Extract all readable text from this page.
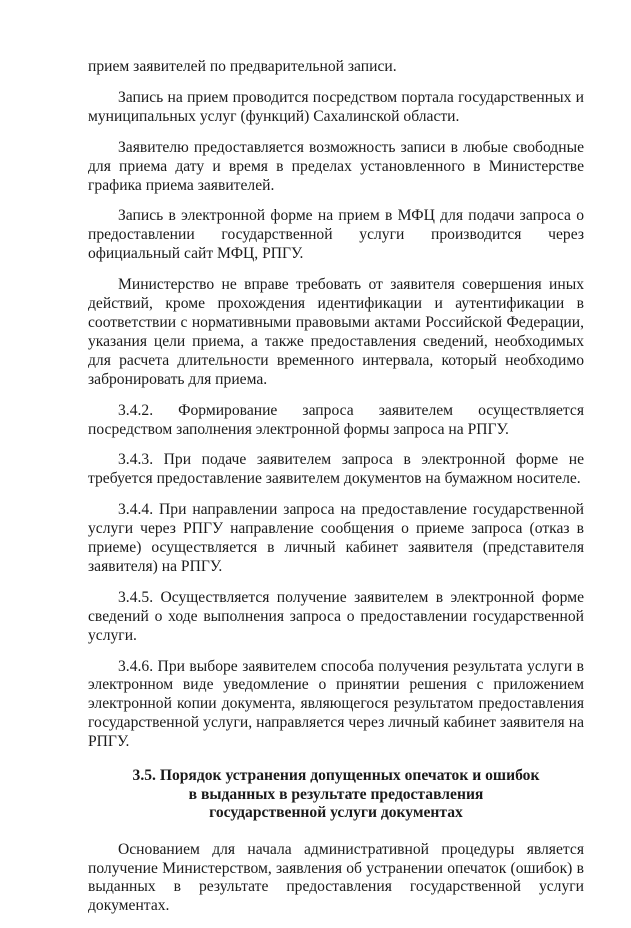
прием заявителей по предварительной записи.

Запись на прием проводится посредством портала государственных и муниципальных услуг (функций) Сахалинской области.

Заявителю предоставляется возможность записи в любые свободные для приема дату и время в пределах установленного в Министерстве графика приема заявителей.

Запись в электронной форме на прием в МФЦ для подачи запроса о предоставлении государственной услуги производится через официальный сайт МФЦ, РПГУ.

Министерство не вправе требовать от заявителя совершения иных действий, кроме прохождения идентификации и аутентификации в соответствии с нормативными правовыми актами Российской Федерации, указания цели приема, а также предоставления сведений, необходимых для расчета длительности временного интервала, который необходимо забронировать для приема.

3.4.2. Формирование запроса заявителем осуществляется посредством заполнения электронной формы запроса на РПГУ.

3.4.3. При подаче заявителем запроса в электронной форме не требуется предоставление заявителем документов на бумажном носителе.

3.4.4. При направлении запроса на предоставление государственной услуги через РПГУ направление сообщения о приеме запроса (отказ в приеме) осуществляется в личный кабинет заявителя (представителя заявителя) на РПГУ.

3.4.5. Осуществляется получение заявителем в электронной форме сведений о ходе выполнения запроса о предоставлении государственной услуги.

3.4.6. При выборе заявителем способа получения результата услуги в электронном виде уведомление о принятии решения с приложением электронной копии документа, являющегося результатом предоставления государственной услуги, направляется через личный кабинет заявителя на РПГУ.

3.5. Порядок устранения допущенных опечаток и ошибок
в выданных в результате предоставления
государственной услуги документах

Основанием для начала административной процедуры является получение Министерством, заявления об устранении опечаток (ошибок) в выданных в результате предоставления государственной услуги документах.
